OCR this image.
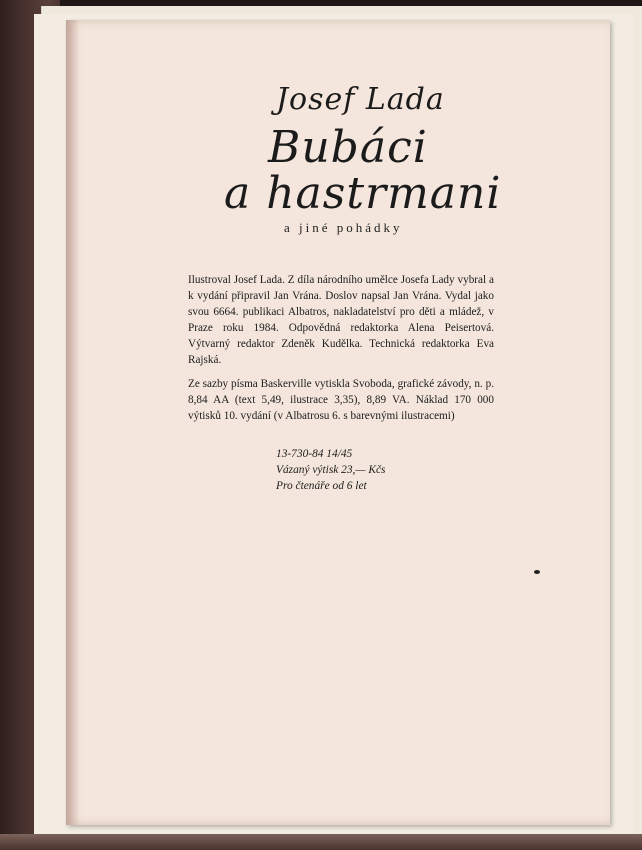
Josef Lada
Bubáci
a hastrmani
a jiné pohádky

Ilustroval Josef Lada. Z díla národního umělce Josefa Lady vybral a k vydání připravil Jan Vrána. Doslov napsal Jan Vrána. Vydal jako svou 6664. publikaci Albatros, nakladatelství pro děti a mládež, v Praze roku 1984. Odpovědná redaktorka Alena Peisertová. Výtvarný redaktor Zdeněk Kudělka. Technická redaktorka Eva Rajská.

Ze sazby písma Baskerville vytiskla Svoboda, grafické závody, n. p. 8,84 AA (text 5,49, ilustrace 3,35), 8,89 VA. Náklad 170 000 výtisků 10. vydání (v Albatrosu 6. s barevnými ilustracemi)

13-730-84 14/45
Vázaný výtisk 23,— Kčs
Pro čtenáře od 6 let
